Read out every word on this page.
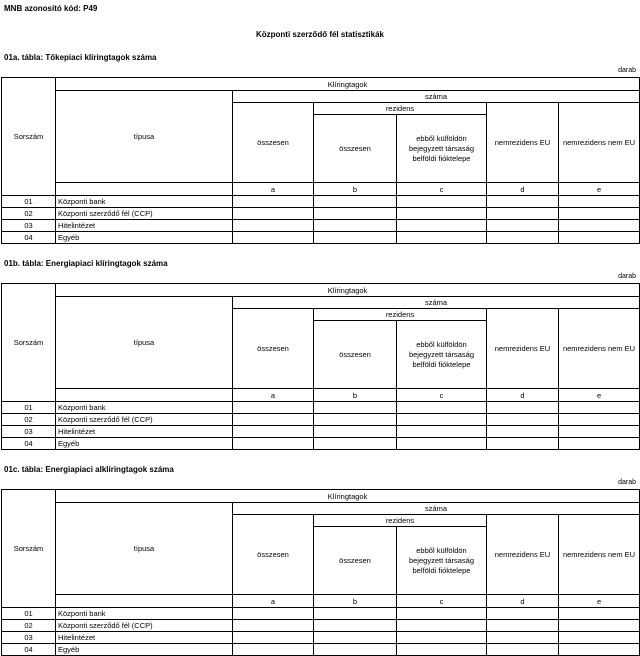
MNB azonosító kód: P49
Központi szerződő fél statisztikák
01a. tábla: Tőkepiaci klíringtagok száma
darab
Sorszám	Klíringtagok					
	típusa	száma				
		összesen	rezidens		nemrezidens EU	nemrezidens nem EU
			összesen	ebből külföldön bejegyzett társaság belföldi fióktelepe		
		a	b	c	d	e
01	Központi bank					
02	Központi szerződő fél (CCP)					
03	Hitelintézet					
04	Egyéb					
01b. tábla: Energiapiaci klíringtagok száma
darab
Sorszám	Klíringtagok					
	típusa	száma				
		összesen	rezidens		nemrezidens EU	nemrezidens nem EU
			összesen	ebből külföldön bejegyzett társaság belföldi fióktelepe		
		a	b	c	d	e
01	Központi bank					
02	Központi szerződő fél (CCP)					
03	Hitelintézet					
04	Egyéb					
01c. tábla: Energiapiaci alklíringtagok száma
darab
Sorszám	Klíringtagok					
	típusa	száma				
		összesen	rezidens		nemrezidens EU	nemrezidens nem EU
			összesen	ebből külföldön bejegyzett társaság belföldi fióktelepe		
		a	b	c	d	e
01	Központi bank					
02	Központi szerződő fél (CCP)					
03	Hitelintézet					
04	Egyéb					
